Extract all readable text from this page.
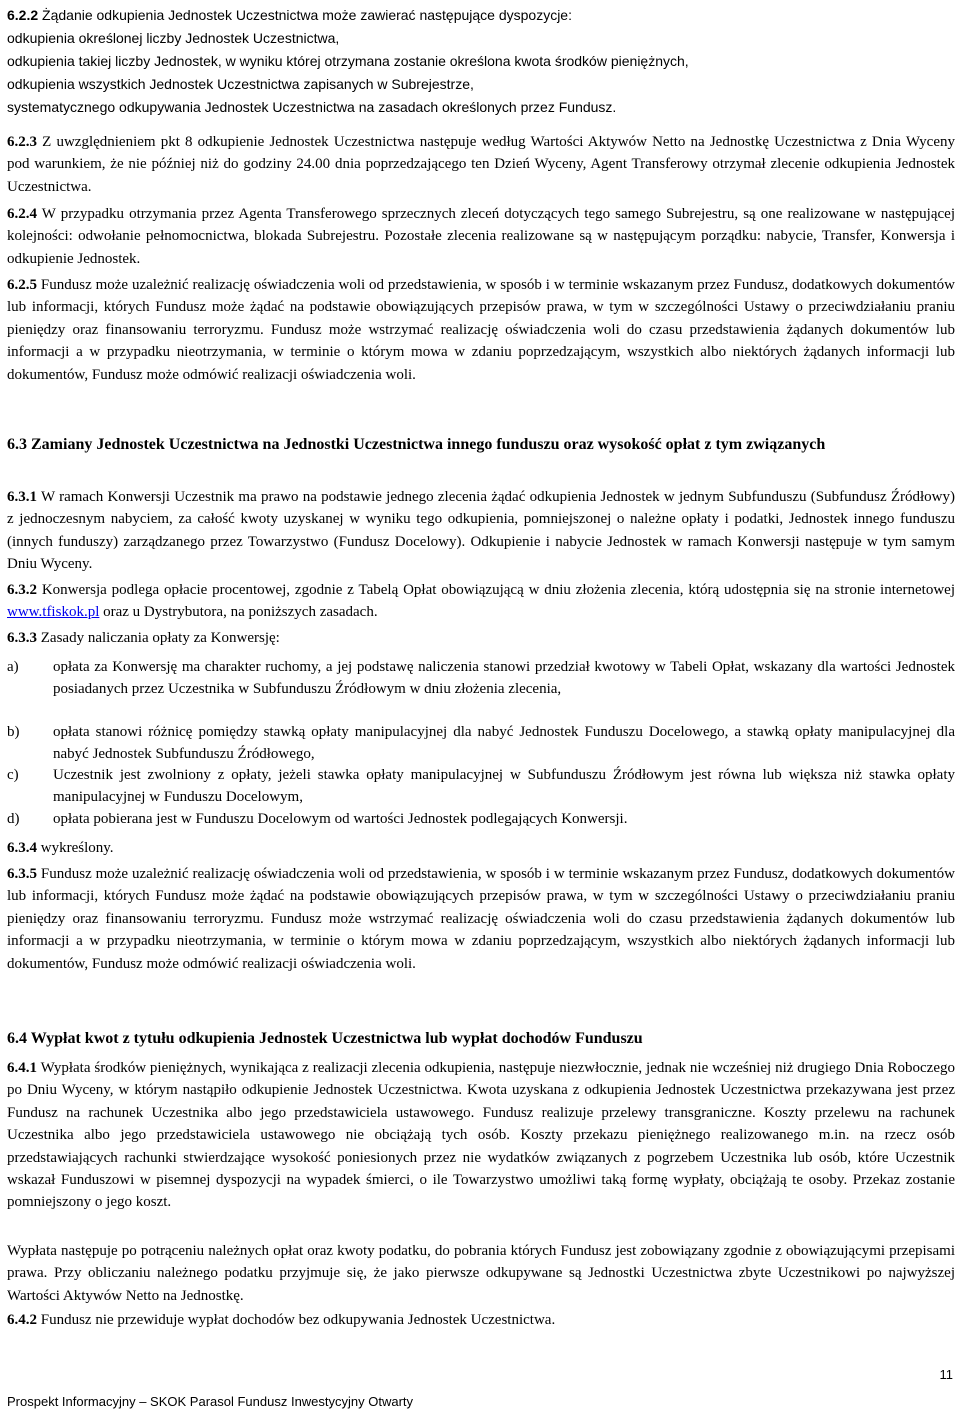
6.2.2 Żądanie odkupienia Jednostek Uczestnictwa może zawierać następujące dyspozycje:

odkupienia określonej liczby Jednostek Uczestnictwa,

odkupienia takiej liczby Jednostek, w wyniku której otrzymana zostanie określona kwota środków pieniężnych,

odkupienia wszystkich Jednostek Uczestnictwa zapisanych w Subrejestrze,

systematycznego odkupywania Jednostek Uczestnictwa na zasadach określonych przez Fundusz.

6.2.3 Z uwzględnieniem pkt 8 odkupienie Jednostek Uczestnictwa następuje według Wartości Aktywów Netto na Jednostkę Uczestnictwa z Dnia Wyceny pod warunkiem, że nie później niż do godziny 24.00 dnia poprzedzającego ten Dzień Wyceny, Agent Transferowy otrzymał zlecenie odkupienia Jednostek Uczestnictwa.

6.2.4 W przypadku otrzymania przez Agenta Transferowego sprzecznych zleceń dotyczących tego samego Subrejestru, są one realizowane w następującej kolejności: odwołanie pełnomocnictwa, blokada Subrejestru. Pozostałe zlecenia realizowane są w następującym porządku: nabycie, Transfer, Konwersja i odkupienie Jednostek.

6.2.5 Fundusz może uzależnić realizację oświadczenia woli od przedstawienia, w sposób i w terminie wskazanym przez Fundusz, dodatkowych dokumentów lub informacji, których Fundusz może żądać na podstawie obowiązujących przepisów prawa, w tym w szczególności Ustawy o przeciwdziałaniu praniu pieniędzy oraz finansowaniu terroryzmu. Fundusz może wstrzymać realizację oświadczenia woli do czasu przedstawienia żądanych dokumentów lub informacji a w przypadku nieotrzymania, w terminie o którym mowa w zdaniu poprzedzającym, wszystkich albo niektórych żądanych informacji lub dokumentów, Fundusz może odmówić realizacji oświadczenia woli.

6.3 Zamiany Jednostek Uczestnictwa na Jednostki Uczestnictwa innego funduszu oraz wysokość opłat z tym związanych

6.3.1 W ramach Konwersji Uczestnik ma prawo na podstawie jednego zlecenia żądać odkupienia Jednostek w jednym Subfunduszu (Subfundusz Źródłowy) z jednoczesnym nabyciem, za całość kwoty uzyskanej w wyniku tego odkupienia, pomniejszonej o należne opłaty i podatki, Jednostek innego funduszu (innych funduszy) zarządzanego przez Towarzystwo (Fundusz Docelowy). Odkupienie i nabycie Jednostek w ramach Konwersji następuje w tym samym Dniu Wyceny.

6.3.2 Konwersja podlega opłacie procentowej, zgodnie z Tabelą Opłat obowiązującą w dniu złożenia zlecenia, którą udostępnia się na stronie internetowej www.tfiskok.pl oraz u Dystrybutora, na poniższych zasadach.

6.3.3 Zasady naliczania opłaty za Konwersję:

a)	opłata za Konwersję ma charakter ruchomy, a jej podstawę naliczenia stanowi przedział kwotowy w Tabeli Opłat, wskazany dla wartości Jednostek posiadanych przez Uczestnika w Subfunduszu Źródłowym w dniu złożenia zlecenia,
b)	opłata stanowi różnicę pomiędzy stawką opłaty manipulacyjnej dla nabyć Jednostek Funduszu Docelowego, a stawką opłaty manipulacyjnej dla nabyć Jednostek Subfunduszu Źródłowego,
c)	Uczestnik jest zwolniony z opłaty, jeżeli stawka opłaty manipulacyjnej w Subfunduszu Źródłowym jest równa lub większa niż stawka opłaty manipulacyjnej w Funduszu Docelowym,
d)	opłata pobierana jest w Funduszu Docelowym od wartości Jednostek podlegających Konwersji.

6.3.4 wykreślony.

6.3.5 Fundusz może uzależnić realizację oświadczenia woli od przedstawienia, w sposób i w terminie wskazanym przez Fundusz, dodatkowych dokumentów lub informacji, których Fundusz może żądać na podstawie obowiązujących przepisów prawa, w tym w szczególności Ustawy o przeciwdziałaniu praniu pieniędzy oraz finansowaniu terroryzmu. Fundusz może wstrzymać realizację oświadczenia woli do czasu przedstawienia żądanych dokumentów lub informacji a w przypadku nieotrzymania, w terminie o którym mowa w zdaniu poprzedzającym, wszystkich albo niektórych żądanych informacji lub dokumentów, Fundusz może odmówić realizacji oświadczenia woli.

6.4 Wypłat kwot z tytułu odkupienia Jednostek Uczestnictwa lub wypłat dochodów Funduszu

6.4.1 Wypłata środków pieniężnych, wynikająca z realizacji zlecenia odkupienia, następuje niezwłocznie, jednak nie wcześniej niż drugiego Dnia Roboczego po Dniu Wyceny, w którym nastąpiło odkupienie Jednostek Uczestnictwa. Kwota uzyskana z odkupienia Jednostek Uczestnictwa przekazywana jest przez Fundusz na rachunek Uczestnika albo jego przedstawiciela ustawowego. Fundusz realizuje przelewy transgraniczne. Koszty przelewu na rachunek Uczestnika albo jego przedstawiciela ustawowego nie obciążają tych osób. Koszty przekazu pieniężnego realizowanego m.in. na rzecz osób przedstawiających rachunki stwierdzające wysokość poniesionych przez nie wydatków związanych z pogrzebem Uczestnika lub osób, które Uczestnik wskazał Funduszowi w pisemnej dyspozycji na wypadek śmierci, o ile Towarzystwo umożliwi taką formę wypłaty, obciążają te osoby. Przekaz zostanie pomniejszony o jego koszt.

Wypłata następuje po potrąceniu należnych opłat oraz kwoty podatku, do pobrania których Fundusz jest zobowiązany zgodnie z obowiązującymi przepisami prawa. Przy obliczaniu należnego podatku przyjmuje się, że jako pierwsze odkupywane są Jednostki Uczestnictwa zbyte Uczestnikowi po najwyższej Wartości Aktywów Netto na Jednostkę.

6.4.2 Fundusz nie przewiduje wypłat dochodów bez odkupywania Jednostek Uczestnictwa.

11
Prospekt Informacyjny – SKOK Parasol Fundusz Inwestycyjny Otwarty
